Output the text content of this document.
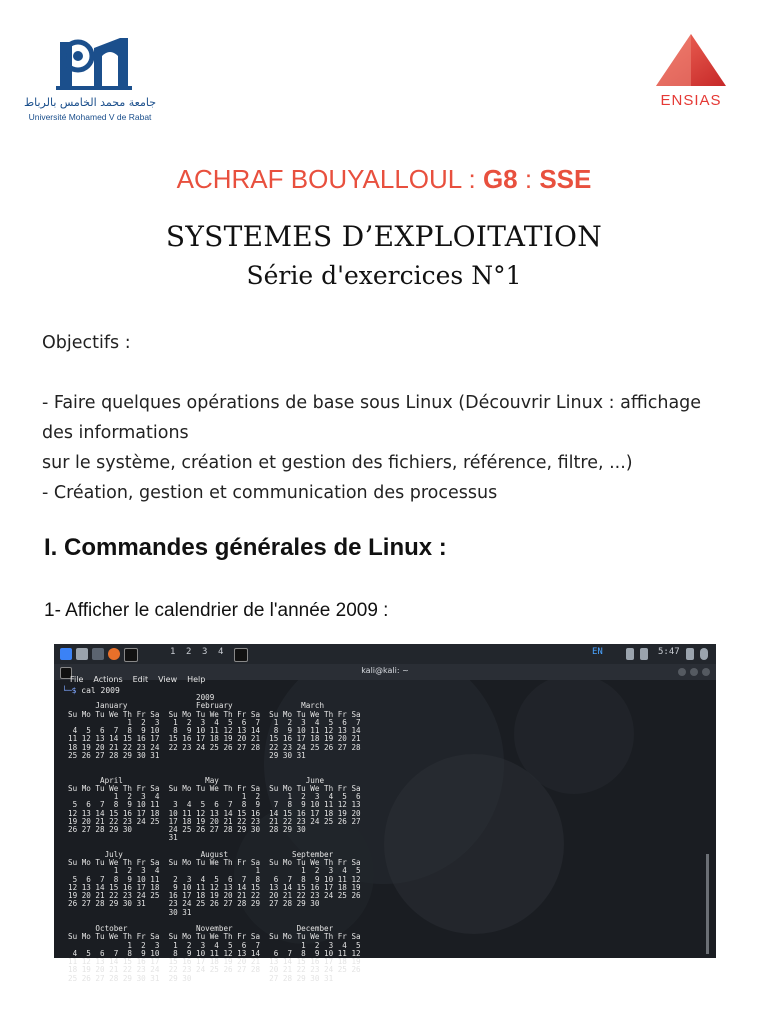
جامعة محمد الخامس بالرباط
Université Mohamed V de Rabat
ENSIAS
ACHRAF BOUYALLOUL : G8 : SSE
SYSTEMES D’EXPLOITATION
Série d'exercices N°1
Objectifs :
- Faire quelques opérations de base sous Linux (Découvrir Linux : affichage
des informations
sur le système, création et gestion des fichiers, référence, filtre, ...)
- Création, gestion et communication des processus
I. Commandes générales de Linux :
1- Afficher le calendrier de l'année 2009 :
1 2 3 4	EN	5:47
kali@kali: ~
File Actions Edit View Help
└─$ cal 2009
2009
January               February               March
Su Mo Tu We Th Fr Sa  Su Mo Tu We Th Fr Sa  Su Mo Tu We Th Fr Sa
1  2  3   1  2  3  4  5  6  7   1  2  3  4  5  6  7
4  5  6  7  8  9 10   8  9 10 11 12 13 14   8  9 10 11 12 13 14
11 12 13 14 15 16 17  15 16 17 18 19 20 21  15 16 17 18 19 20 21
18 19 20 21 22 23 24  22 23 24 25 26 27 28  22 23 24 25 26 27 28
25 26 27 28 29 30 31                        29 30 31

April                  May                   June
Su Mo Tu We Th Fr Sa  Su Mo Tu We Th Fr Sa  Su Mo Tu We Th Fr Sa
1  2  3  4                  1  2      1  2  3  4  5  6
5  6  7  8  9 10 11   3  4  5  6  7  8  9   7  8  9 10 11 12 13
12 13 14 15 16 17 18  10 11 12 13 14 15 16  14 15 16 17 18 19 20
19 20 21 22 23 24 25  17 18 19 20 21 22 23  21 22 23 24 25 26 27
26 27 28 29 30        24 25 26 27 28 29 30  28 29 30
31

July                 August              September
Su Mo Tu We Th Fr Sa  Su Mo Tu We Th Fr Sa  Su Mo Tu We Th Fr Sa
1  2  3  4                     1         1  2  3  4  5
5  6  7  8  9 10 11   2  3  4  5  6  7  8   6  7  8  9 10 11 12
12 13 14 15 16 17 18   9 10 11 12 13 14 15  13 14 15 16 17 18 19
19 20 21 22 23 24 25  16 17 18 19 20 21 22  20 21 22 23 24 25 26
26 27 28 29 30 31     23 24 25 26 27 28 29  27 28 29 30
30 31

October               November              December
Su Mo Tu We Th Fr Sa  Su Mo Tu We Th Fr Sa  Su Mo Tu We Th Fr Sa
1  2  3   1  2  3  4  5  6  7         1  2  3  4  5
4  5  6  7  8  9 10   8  9 10 11 12 13 14   6  7  8  9 10 11 12
11 12 13 14 15 16 17  15 16 17 18 19 20 21  13 14 15 16 17 18 19
18 19 20 21 22 23 24  22 23 24 25 26 27 28  20 21 22 23 24 25 26
25 26 27 28 29 30 31  29 30                 27 28 29 30 31
